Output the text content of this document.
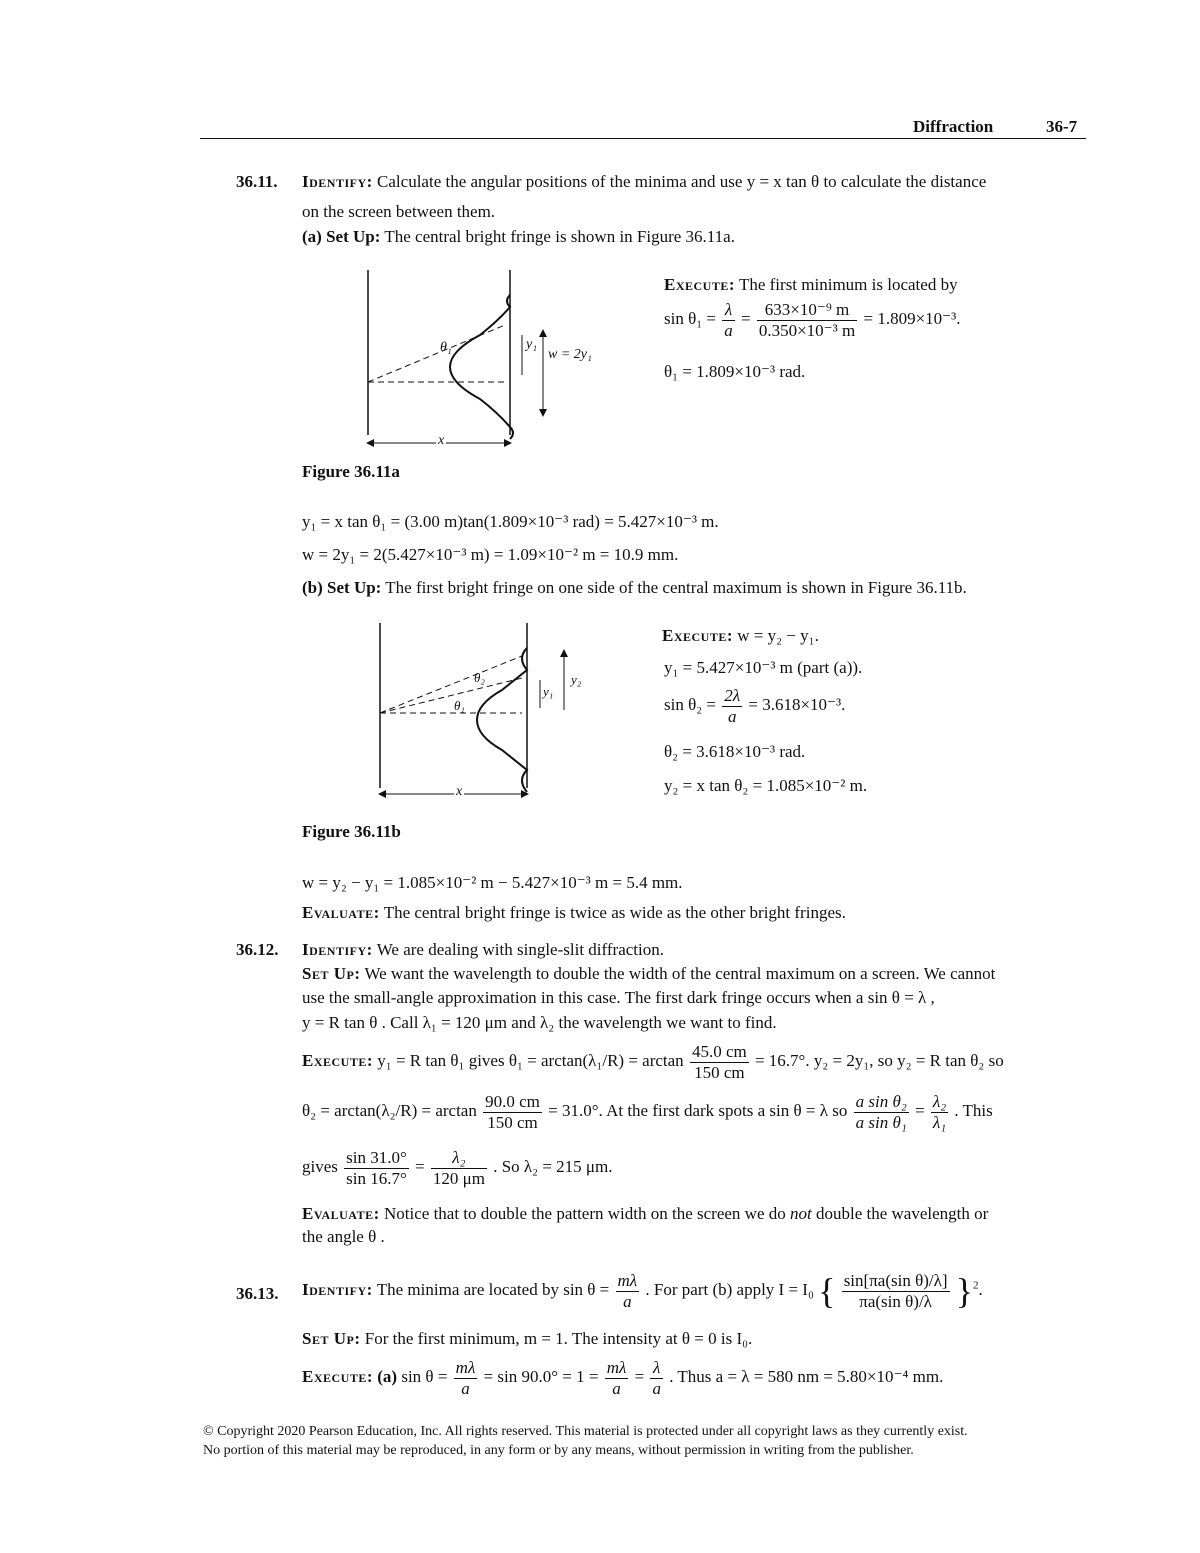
Diffraction	36-7
36.11. Identify: Calculate the angular positions of the minima and use y = x tan θ to calculate the distance
on the screen between them.
(a) Set Up: The central bright fringe is shown in Figure 36.11a.
θ₁	y₁
w = 2y₁
x
Execute: The first minimum is located by
$\sin \theta_1 = \frac{\lambda}{a} = \frac{\text{633×10⁻⁹ m}}{\text{0.350×10⁻³ m}} = 1.809\times 10^{-3}$.
θ₁ = 1.809×10⁻³ rad.
Figure 36.11a
y₁ = x tan θ₁ = (3.00 m)tan(1.809×10⁻³ rad) = 5.427×10⁻³ m.
w = 2y₁ = 2(5.427×10⁻³ m) = 1.09×10⁻² m = 10.9 mm.
(b) Set Up: The first bright fringe on one side of the central maximum is shown in Figure 36.11b.
θ₂
θ₁
y₁
y₂
x
Execute: w = y₂ − y₁.
y₁ = 5.427×10⁻³ m (part (a)).
$\sin \theta_2 = \frac{2\lambda}{a} = 3.618\times 10^{-3}$.
θ₂ = 3.618×10⁻³ rad.
y₂ = x tan θ₂ = 1.085×10⁻² m.
Figure 36.11b
w = y₂ − y₁ = 1.085×10⁻² m − 5.427×10⁻³ m = 5.4 mm.
Evaluate: The central bright fringe is twice as wide as the other bright fringes.
36.12. Identify: We are dealing with single-slit diffraction.
Set Up: We want the wavelength to double the width of the central maximum on a screen. We cannot
use the small-angle approximation in this case. The first dark fringe occurs when a sin θ = λ ,
y = R tan θ . Call λ₁ = 120 μm and λ₂ the wavelength we want to find.
Execute: y₁ = R tan θ₁ gives $\theta_1 = \arctan(\lambda_1/R) = \arctan \frac{45.0 cm}{150 cm} = 16.7^\circ$. y₂ = 2y₁, so y₂ = R tan θ₂ so
$\theta_2 = \arctan(\lambda_2/R) = \arctan \frac{90.0 cm}{150 cm} = 31.0^\circ$. At the first dark spots a sin θ = λ so $\frac{\text{a sin θ₂}}{\text{a sin θ₁}} = \frac{\text{λ₂}}{\text{λ₁}}$ . This
gives $\frac{\sin 31.0^\circ}{\sin 16.7^\circ} = \frac{\text{λ₂}}{120 \mu m}$ . So λ₂ = 215 μm.
Evaluate: Notice that to double the pattern width on the screen we do not double the wavelength or
the angle θ .
36.13. Identify: The minima are located by $\sin \theta = \frac{m\lambda}{a}$ . For part (b) apply I = I₀ { $\frac{\text{sin[πa(sin θ)/λ]}}{\text{πa(sin θ)/λ}} \}^2$.
Set Up: For the first minimum, m = 1. The intensity at θ = 0 is I₀.
Execute: (a) $\sin \theta = \frac{m\lambda}{a} = \sin 90.0^\circ = 1 = \frac{m\lambda}{a} = \frac{\lambda}{a}$ . Thus a = λ = 580 nm = 5.80×10⁻⁴ mm.
© Copyright 2020 Pearson Education, Inc. All rights reserved. This material is protected under all copyright laws as they currently exist.
No portion of this material may be reproduced, in any form or by any means, without permission in writing from the publisher.
